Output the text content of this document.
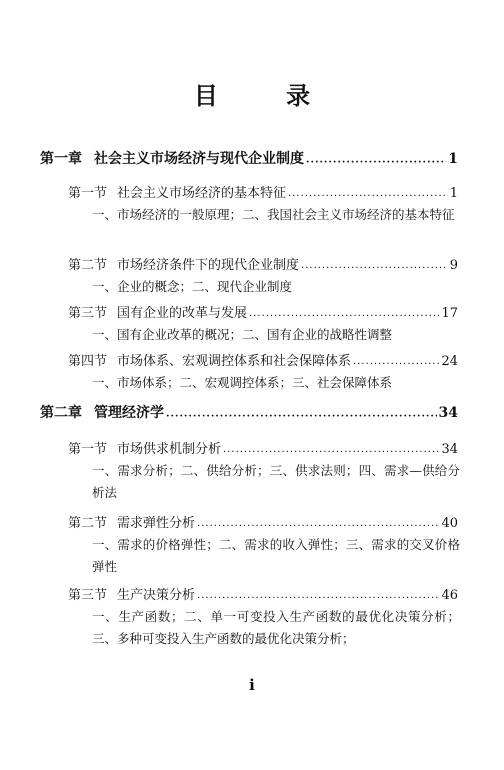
目 录
第一章 社会主义市场经济与现代企业制度 ·····	1
第一节 社会主义市场经济的基本特征 ·····	1
一、市场经济的一般原理；二、我国社会主义市场经济的基本特征
第二节 市场经济条件下的现代企业制度 ·····	9
一、企业的概念；二、现代企业制度
第三节 国有企业的改革与发展 ·····	17
一、国有企业改革的概况；二、国有企业的战略性调整
第四节 市场体系、宏观调控体系和社会保障体系 ·····	24
一、市场体系；二、宏观调控体系；三、社会保障体系
第二章 管理经济学 ·····	34
第一节 市场供求机制分析 ·····	34
一、需求分析；二、供给分析；三、供求法则；四、需求—供给分析法
第二节 需求弹性分析 ·····	40
一、需求的价格弹性；二、需求的收入弹性；三、需求的交叉价格弹性
第三节 生产决策分析 ·····	46
一、生产函数；二、单一可变投入生产函数的最优化决策分析；三、多种可变投入生产函数的最优化决策分析；
i
